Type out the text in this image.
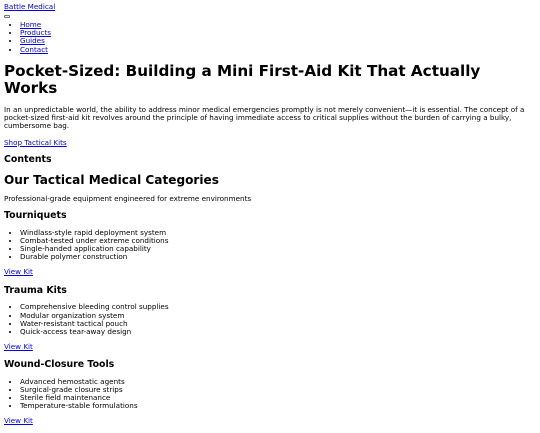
Battle Medical
• Home
• Products
• Guides
• Contact
Pocket-Sized: Building a Mini First-Aid Kit That Actually Works

In an unpredictable world, the ability to address minor medical emergencies promptly is not merely convenient—it is essential. The concept of a pocket-sized first-aid kit revolves around the principle of having immediate access to critical supplies without the burden of carrying a bulky, cumbersome bag.

Shop Tactical Kits
Contents
Our Tactical Medical Categories

Professional-grade equipment engineered for extreme environments

Tourniquets
• Windlass-style rapid deployment system
• Combat-tested under extreme conditions
• Single-handed application capability
• Durable polymer construction
View Kit
Trauma Kits
• Comprehensive bleeding control supplies
• Modular organization system
• Water-resistant tactical pouch
• Quick-access tear-away design
View Kit
Wound-Closure Tools
• Advanced hemostatic agents
• Surgical-grade closure strips
• Sterile field maintenance
• Temperature-stable formulations
View Kit
